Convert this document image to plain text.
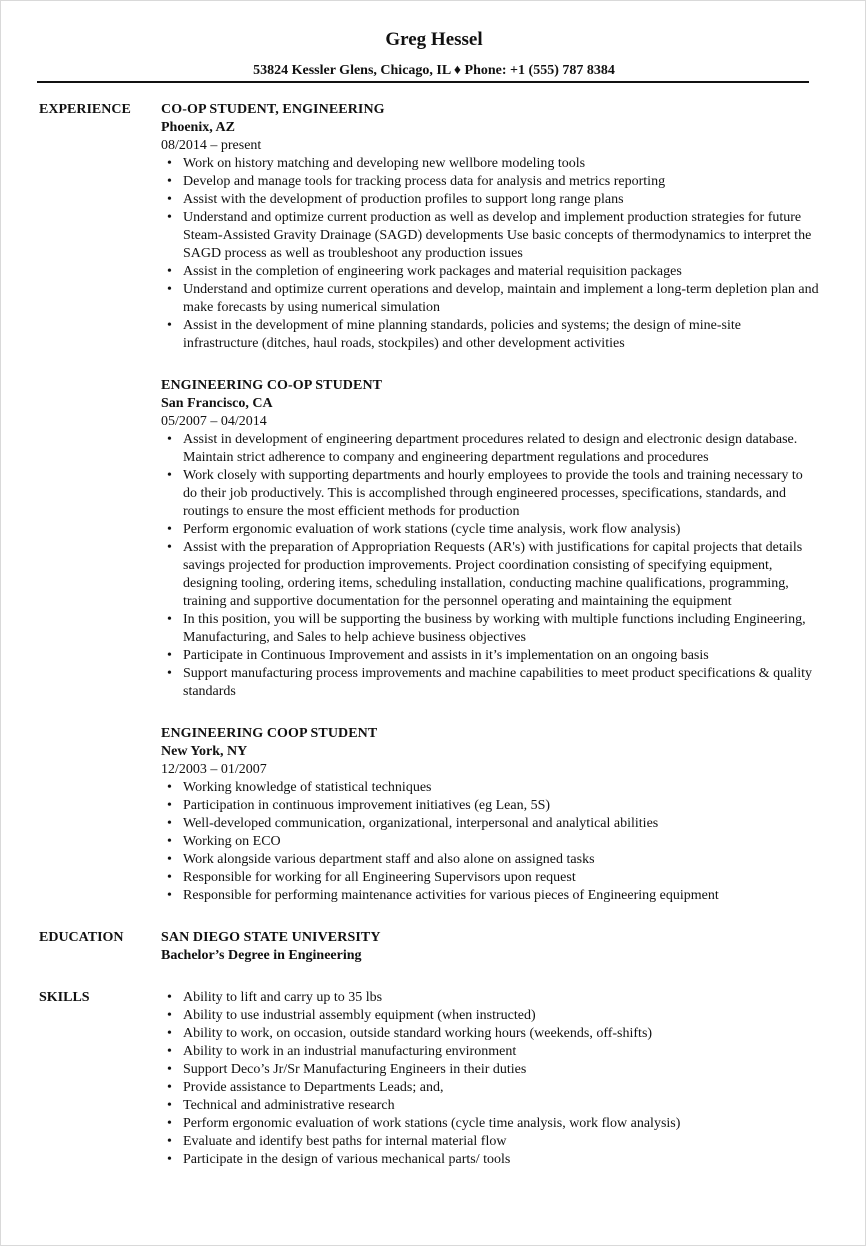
Greg Hessel
53824 Kessler Glens, Chicago, IL ♦ Phone: +1 (555) 787 8384
EXPERIENCE	CO-OP STUDENT, ENGINEERING
Phoenix, AZ
08/2014 – present
• Work on history matching and developing new wellbore modeling tools
• Develop and manage tools for tracking process data for analysis and metrics reporting
• Assist with the development of production profiles to support long range plans
• Understand and optimize current production as well as develop and implement production strategies for future Steam-Assisted Gravity Drainage (SAGD) developments Use basic concepts of thermodynamics to interpret the SAGD process as well as troubleshoot any production issues
• Assist in the completion of engineering work packages and material requisition packages
• Understand and optimize current operations and develop, maintain and implement a long-term depletion plan and make forecasts by using numerical simulation
• Assist in the development of mine planning standards, policies and systems; the design of mine-site infrastructure (ditches, haul roads, stockpiles) and other development activities
ENGINEERING CO-OP STUDENT
San Francisco, CA
05/2007 – 04/2014
• Assist in development of engineering department procedures related to design and electronic design database. Maintain strict adherence to company and engineering department regulations and procedures
• Work closely with supporting departments and hourly employees to provide the tools and training necessary to do their job productively. This is accomplished through engineered processes, specifications, standards, and routings to ensure the most efficient methods for production
• Perform ergonomic evaluation of work stations (cycle time analysis, work flow analysis)
• Assist with the preparation of Appropriation Requests (AR's) with justifications for capital projects that details savings projected for production improvements. Project coordination consisting of specifying equipment, designing tooling, ordering items, scheduling installation, conducting machine qualifications, programming, training and supportive documentation for the personnel operating and maintaining the equipment
• In this position, you will be supporting the business by working with multiple functions including Engineering, Manufacturing, and Sales to help achieve business objectives
• Participate in Continuous Improvement and assists in it’s implementation on an ongoing basis
• Support manufacturing process improvements and machine capabilities to meet product specifications & quality standards
ENGINEERING COOP STUDENT
New York, NY
12/2003 – 01/2007
• Working knowledge of statistical techniques
• Participation in continuous improvement initiatives (eg Lean, 5S)
• Well-developed communication, organizational, interpersonal and analytical abilities
• Working on ECO
• Work alongside various department staff and also alone on assigned tasks
• Responsible for working for all Engineering Supervisors upon request
• Responsible for performing maintenance activities for various pieces of Engineering equipment
EDUCATION	SAN DIEGO STATE UNIVERSITY
Bachelor’s Degree in Engineering
SKILLS
•	Ability to lift and carry up to 35 lbs
• Ability to use industrial assembly equipment (when instructed)
• Ability to work, on occasion, outside standard working hours (weekends, off-shifts)
• Ability to work in an industrial manufacturing environment
• Support Deco’s Jr/Sr Manufacturing Engineers in their duties
• Provide assistance to Departments Leads; and,
• Technical and administrative research
• Perform ergonomic evaluation of work stations (cycle time analysis, work flow analysis)
• Evaluate and identify best paths for internal material flow
• Participate in the design of various mechanical parts/ tools
